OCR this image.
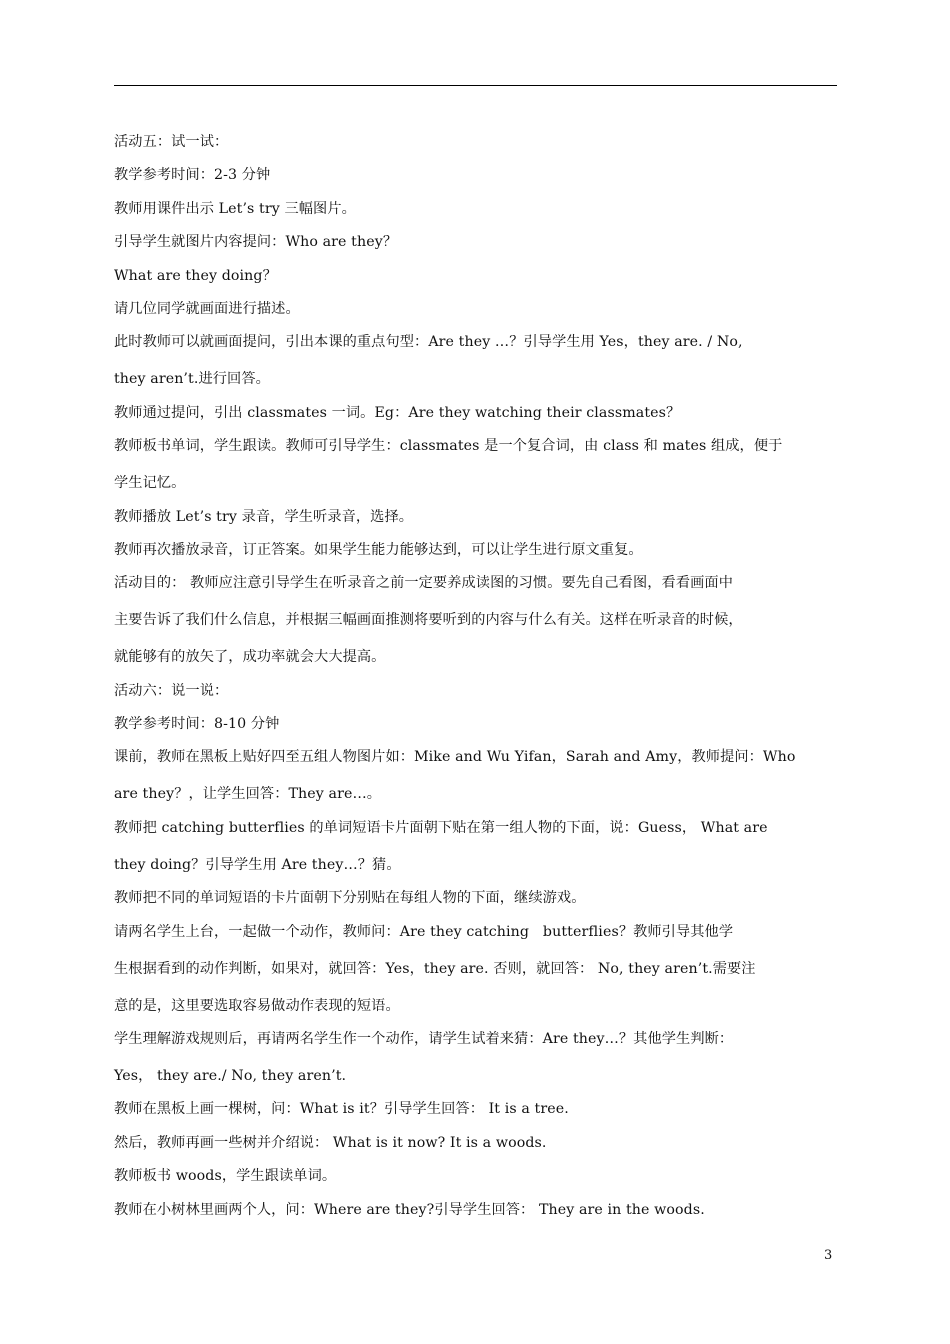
活动五：试一试：
教学参考时间：2-3 分钟
教师用课件出示 Let’s try 三幅图片。
引导学生就图片内容提问：Who are they？
What are they doing？
请几位同学就画面进行描述。
此时教师可以就画面提问，引出本课的重点句型：Are they …？引导学生用 Yes，they are. / No,
they aren’t.进行回答。
教师通过提问，引出 classmates 一词。Eg：Are they watching their classmates？
教师板书单词，学生跟读。教师可引导学生：classmates 是一个复合词，由 class 和 mates 组成，便于
学生记忆。
教师播放 Let’s try 录音，学生听录音，选择。
教师再次播放录音，订正答案。如果学生能力能够达到，可以让学生进行原文重复。
活动目的： 教师应注意引导学生在听录音之前一定要养成读图的习惯。要先自己看图，看看画面中
主要告诉了我们什么信息，并根据三幅画面推测将要听到的内容与什么有关。这样在听录音的时候，
就能够有的放矢了，成功率就会大大提高。
活动六：说一说：
教学参考时间：8-10 分钟
课前，教师在黑板上贴好四至五组人物图片如：Mike and Wu Yifan，Sarah and Amy，教师提问：Who
are they？，让学生回答：They are…。
教师把 catching butterflies 的单词短语卡片面朝下贴在第一组人物的下面，说：Guess， What are
they doing？引导学生用 Are they…？猜。
教师把不同的单词短语的卡片面朝下分别贴在每组人物的下面，继续游戏。
请两名学生上台，一起做一个动作，教师问：Are they catching   butterflies？教师引导其他学
生根据看到的动作判断，如果对，就回答：Yes，they are. 否则，就回答： No, they aren’t.需要注
意的是，这里要选取容易做动作表现的短语。
学生理解游戏规则后，再请两名学生作一个动作，请学生试着来猜：Are they…？其他学生判断：
Yes， they are./ No, they aren’t.
教师在黑板上画一棵树，问：What is it？引导学生回答： It is a tree.
然后，教师再画一些树并介绍说： What is it now? It is a woods.
教师板书 woods，学生跟读单词。
教师在小树林里画两个人，问：Where are they?引导学生回答： They are in the woods.
3
